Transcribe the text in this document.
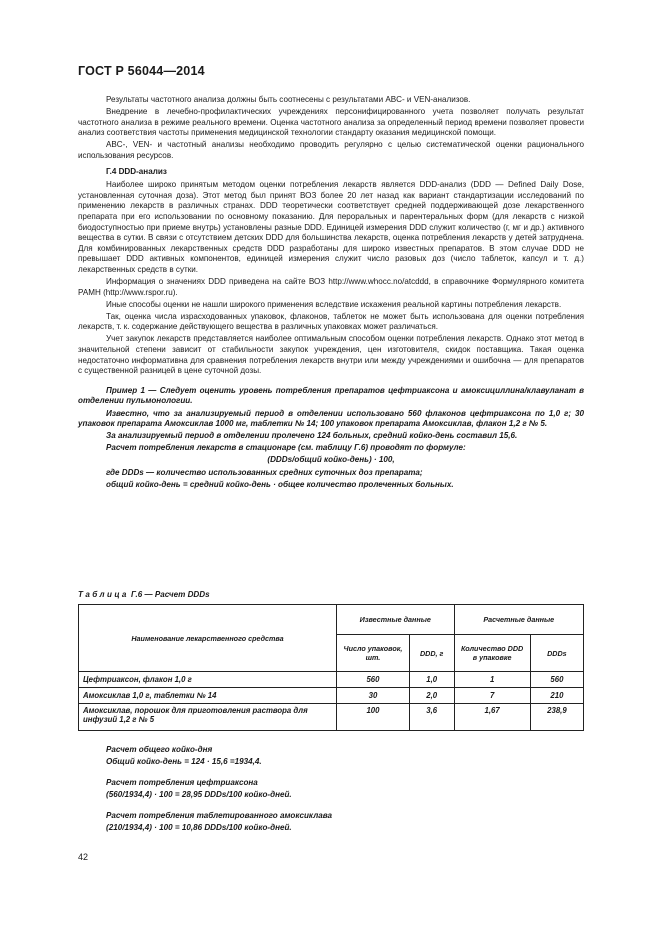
ГОСТ Р 56044—2014

Результаты частотного анализа должны быть соотнесены с результатами ABC- и VEN-анализов.

Внедрение в лечебно-профилактических учреждениях персонифицированного учета позволяет получать результат частотного анализа в режиме реального времени. Оценка частотного анализа за определенный период времени позволяет провести анализ соответствия частоты применения медицинской технологии стандарту оказания медицинской помощи.

ABC-, VEN- и частотный анализы необходимо проводить регулярно с целью систематической оценки рационального использования ресурсов.

Г.4 DDD-анализ

Наиболее широко принятым методом оценки потребления лекарств является DDD-анализ (DDD — Defined Daily Dose, установленная суточная доза). Этот метод был принят ВОЗ более 20 лет назад как вариант стандартизации исследований по применению лекарств в различных странах. DDD теоретически соответствует средней поддерживающей дозе лекарственного препарата при его использовании по основному показанию. Для пероральных и парентеральных форм (для лекарств с низкой биодоступностью при приеме внутрь) установлены разные DDD. Единицей измерения DDD служит количество (г, мг и др.) активного вещества в сутки. В связи с отсутствием детских DDD для большинства лекарств, оценка потребления лекарств у детей затруднена. Для комбинированных лекарственных средств DDD разработаны для широко известных препаратов. В этом случае DDD не превышает DDD активных компонентов, единицей измерения служит число разовых доз (число таблеток, капсул и т. д.) лекарственных средств в сутки.

Информация о значениях DDD приведена на сайте ВОЗ http://www.whocc.no/atcddd, в справочнике Формулярного комитета РАМН (http://www.rspor.ru).

Иные способы оценки не нашли широкого применения вследствие искажения реальной картины потребления лекарств.

Так, оценка числа израсходованных упаковок, флаконов, таблеток не может быть использована для оценки потребления лекарств, т. к. содержание действующего вещества в различных упаковках может различаться.

Учет закупок лекарств представляется наиболее оптимальным способом оценки потребления лекарств. Однако этот метод в значительной степени зависит от стабильности закупок учреждения, цен изготовителя, скидок поставщика. Такая оценка недостаточно информативна для сравнения потребления лекарств внутри или между учреждениями и ошибочна — для препаратов с существенной разницей в цене суточной дозы.

Пример 1 — Следует оценить уровень потребления препаратов цефтриаксона и амоксициллина/клавуланат в отделении пульмонологии.

Известно, что за анализируемый период в отделении использовано 560 флаконов цефтриаксона по 1,0 г; 30 упаковок препарата Амоксиклав 1000 мг, таблетки № 14; 100 упаковок препарата Амоксиклав, флакон 1,2 г № 5.

За анализируемый период в отделении пролечено 124 больных, средний койко-день составил 15,6.

Расчет потребления лекарств в стационаре (см. таблицу Г.6) проводят по формуле:

(DDDs/общий койко-день) · 100,

где DDDs — количество использованных средних суточных доз препарата;

общий койко-день = средний койко-день · общее количество пролеченных больных.

Таблица Г.6 — Расчет DDDs
Наименование лекарственного средства	Известные данные		Расчетные данные	
	Число упаковок, шт.	DDD, г	Количество DDD в упаковке	DDDs
Цефтриаксон, флакон 1,0 г	560	1,0	1	560
Амоксиклав 1,0 г, таблетки № 14	30	2,0	7	210
Амоксиклав, порошок для приготовления раствора для инфузий 1,2 г № 5	100	3,6	1,67	238,9
Расчет общего койко-дня
Общий койко-день = 124 · 15,6 =1934,4.
Расчет потребления цефтриаксона
(560/1934,4) · 100 = 28,95 DDDs/100 койко-дней.
Расчет потребления таблетированного амоксиклава
(210/1934,4) · 100 = 10,86 DDDs/100 койко-дней.
42
